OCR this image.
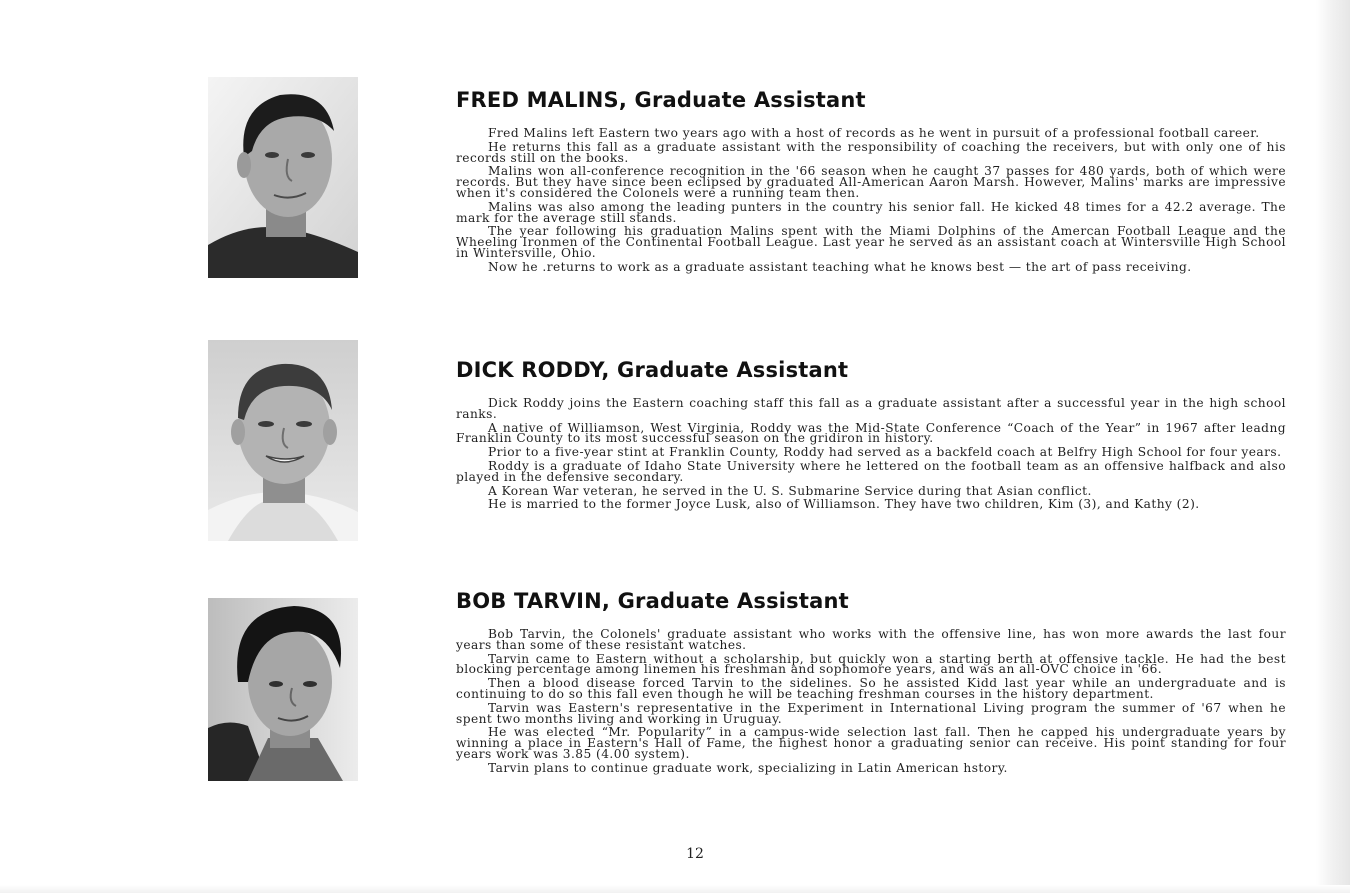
FRED MALINS, Graduate Assistant

Fred Malins left Eastern two years ago with a host of records as he went in pursuit of a professional football career.

He returns this fall as a graduate assistant with the responsibility of coaching the receivers, but with only one of his records still on the books.

Malins won all-conference recognition in the '66 season when he caught 37 passes for 480 yards, both of which were records. But they have since been eclipsed by graduated All-American Aaron Marsh. However, Malins' marks are impressive when it's considered the Colonels were a running team then.

Malins was also among the leading punters in the country his senior fall. He kicked 48 times for a 42.2 average. The mark for the average still stands.

The year following his graduation Malins spent with the Miami Dolphins of the Amercan Football League and the Wheeling Ironmen of the Continental Football League. Last year he served as an assistant coach at Wintersville High School in Wintersville, Ohio.

Now he .returns to work as a graduate assistant teaching what he knows best — the art of pass receiving.

DICK RODDY, Graduate Assistant

Dick Roddy joins the Eastern coaching staff this fall as a graduate assistant after a successful year in the high school ranks.

A native of Williamson, West Virginia, Roddy was the Mid-State Conference “Coach of the Year” in 1967 after leadng Franklin County to its most successful season on the gridiron in history.

Prior to a five-year stint at Franklin County, Roddy had served as a backfeld coach at Belfry High School for four years.

Roddy is a graduate of Idaho State University where he lettered on the football team as an offensive halfback and also played in the defensive secondary.

A Korean War veteran, he served in the U. S. Submarine Service during that Asian conflict.

He is married to the former Joyce Lusk, also of Williamson. They have two children, Kim (3), and Kathy (2).

BOB TARVIN, Graduate Assistant

Bob Tarvin, the Colonels' graduate assistant who works with the offensive line, has won more awards the last four years than some of these resistant watches.

Tarvin came to Eastern without a scholarship, but quickly won a starting berth at offensive tackle. He had the best blocking percentage among linemen his freshman and sophomore years, and was an all-OVC choice in '66.

Then a blood disease forced Tarvin to the sidelines. So he assisted Kidd last year while an undergraduate and is continuing to do so this fall even though he will be teaching freshman courses in the history department.

Tarvin was Eastern's representative in the Experiment in International Living program the summer of '67 when he spent two months living and working in Uruguay.

He was elected “Mr. Popularity” in a campus-wide selection last fall. Then he capped his undergraduate years by winning a place in Eastern's Hall of Fame, the highest honor a graduating senior can receive. His point standing for four years work was 3.85 (4.00 system).

Tarvin plans to continue graduate work, specializing in Latin American hstory.

12
